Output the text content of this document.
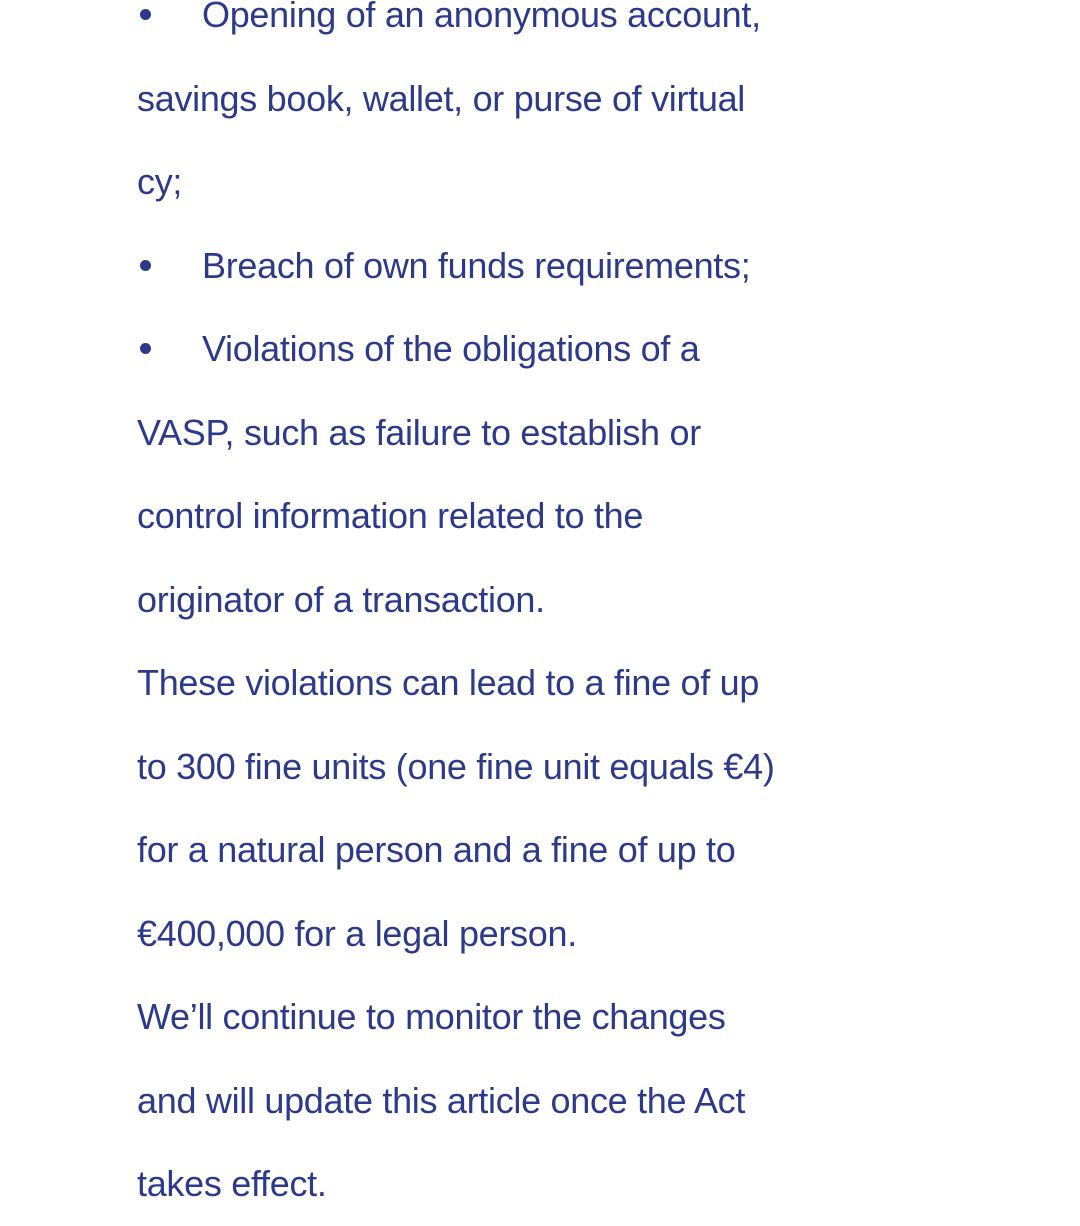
Opening of an anonymous account,
savings book, wallet, or purse of virtual
cy;
Breach of own funds requirements;
Violations of the obligations of a
VASP, such as failure to establish or
control information related to the
originator of a transaction.
These violations can lead to a fine of up
to 300 fine units (one fine unit equals €4)
for a natural person and a fine of up to
€400,000 for a legal person.
We’ll continue to monitor the changes
and will update this article once the Act
takes effect.
